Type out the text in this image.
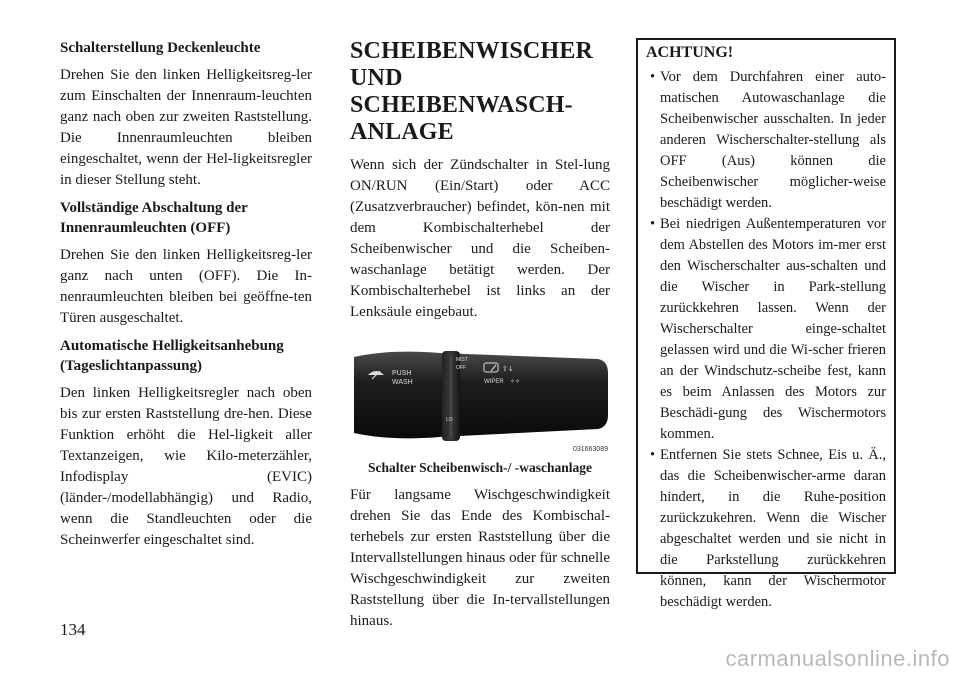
Schalterstellung Deckenleuchte

Drehen Sie den linken Helligkeitsreg-ler zum Einschalten der Innenraum-leuchten ganz nach oben zur zweiten Raststellung. Die Innenraumleuchten bleiben eingeschaltet, wenn der Hel-ligkeitsregler in dieser Stellung steht.

Vollständige Abschaltung der Innenraumleuchten (OFF)

Drehen Sie den linken Helligkeitsreg-ler ganz nach unten (OFF). Die In-nenraumleuchten bleiben bei geöffne-ten Türen ausgeschaltet.

Automatische Helligkeitsanhebung (Tageslichtanpassung)

Den linken Helligkeitsregler nach oben bis zur ersten Raststellung dre-hen. Diese Funktion erhöht die Hel-ligkeit aller Textanzeigen, wie Kilo-meterzähler, Infodisplay (EVIC) (länder-/modellabhängig) und Radio, wenn die Standleuchten oder die Scheinwerfer eingeschaltet sind.

SCHEIBENWISCHER UND SCHEIBENWASCH-ANLAGE

Wenn sich der Zündschalter in Stel-lung ON/RUN (Ein/Start) oder ACC (Zusatzverbraucher) befindet, kön-nen mit dem Kombischalterhebel der Scheibenwischer und die Scheiben-waschanlage betätigt werden. Der Kombischalterhebel ist links an der Lenksäule eingebaut.

PUSH
WASH
MIST
OFF
LO
⇧↓
WIPER ✧✧
031663089
Schalter Scheibenwisch-/ -waschanlage

Für langsame Wischgeschwindigkeit drehen Sie das Ende des Kombischal-terhebels zur ersten Raststellung über die Intervallstellungen hinaus oder für schnelle Wischgeschwindigkeit zur zweiten Raststellung über die In-tervallstellungen hinaus.

ACHTUNG!
• Vor dem Durchfahren einer auto-matischen Autowaschanlage die Scheibenwischer ausschalten. In jeder anderen Wischerschalter-stellung als OFF (Aus) können die Scheibenwischer möglicher-weise beschädigt werden.
• Bei niedrigen Außentemperaturen vor dem Abstellen des Motors im-mer erst den Wischerschalter aus-schalten und die Wischer in Park-stellung zurückkehren lassen. Wenn der Wischerschalter einge-schaltet gelassen wird und die Wi-scher frieren an der Windschutz-scheibe fest, kann es beim Anlassen des Motors zur Beschädi-gung des Wischermotors kommen.
• Entfernen Sie stets Schnee, Eis u. Ä., das die Scheibenwischer-arme daran hindert, in die Ruhe-position zurückzukehren. Wenn die Wischer abgeschaltet werden und sie nicht in die Parkstellung zurückkehren können, kann der Wischermotor beschädigt werden.
134
carmanualsonline.info
